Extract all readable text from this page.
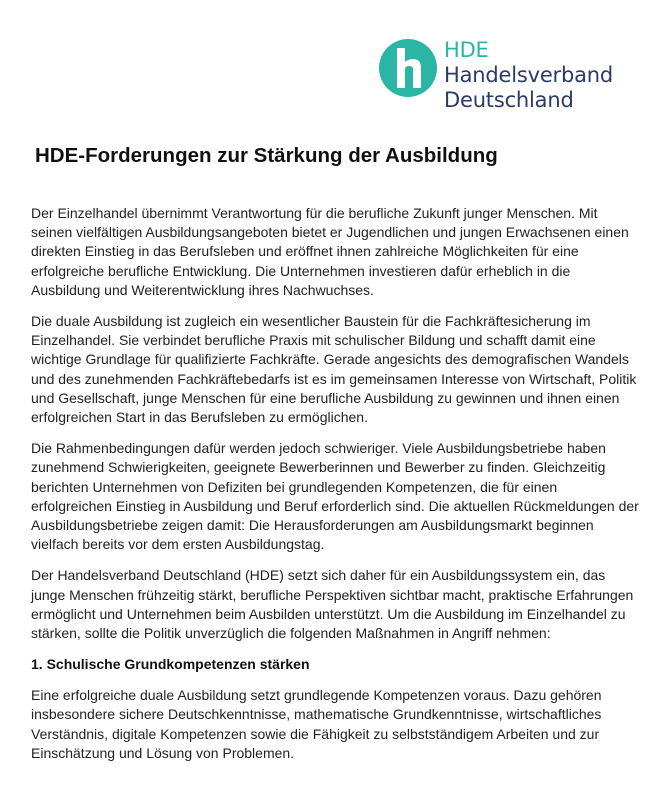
HDE
Handelsverband
Deutschland
HDE-Forderungen zur Stärkung der Ausbildung

Der Einzelhandel übernimmt Verantwortung für die berufliche Zukunft junger Menschen. Mit seinen vielfältigen Ausbildungsangeboten bietet er Jugendlichen und jungen Erwachsenen einen direkten Einstieg in das Berufsleben und eröffnet ihnen zahlreiche Möglichkeiten für eine erfolgreiche berufliche Entwicklung. Die Unternehmen investieren dafür erheblich in die Ausbildung und Weiterentwicklung ihres Nachwuchses.

Die duale Ausbildung ist zugleich ein wesentlicher Baustein für die Fachkräftesicherung im Einzelhandel. Sie verbindet berufliche Praxis mit schulischer Bildung und schafft damit eine wichtige Grundlage für qualifizierte Fachkräfte. Gerade angesichts des demografischen Wandels und des zunehmenden Fachkräftebedarfs ist es im gemeinsamen Interesse von Wirtschaft, Politik und Gesellschaft, junge Menschen für eine berufliche Ausbildung zu gewinnen und ihnen einen erfolgreichen Start in das Berufsleben zu ermöglichen.

Die Rahmenbedingungen dafür werden jedoch schwieriger. Viele Ausbildungsbetriebe haben zunehmend Schwierigkeiten, geeignete Bewerberinnen und Bewerber zu finden. Gleichzeitig berichten Unternehmen von Defiziten bei grundlegenden Kompetenzen, die für einen erfolgreichen Einstieg in Ausbildung und Beruf erforderlich sind. Die aktuellen Rückmeldungen der Ausbildungsbetriebe zeigen damit: Die Herausforderungen am Ausbildungsmarkt beginnen vielfach bereits vor dem ersten Ausbildungstag.

Der Handelsverband Deutschland (HDE) setzt sich daher für ein Ausbildungssystem ein, das junge Menschen frühzeitig stärkt, berufliche Perspektiven sichtbar macht, praktische Erfahrungen ermöglicht und Unternehmen beim Ausbilden unterstützt. Um die Ausbildung im Einzelhandel zu stärken, sollte die Politik unverzüglich die folgenden Maßnahmen in Angriff nehmen:

1. Schulische Grundkompetenzen stärken

Eine erfolgreiche duale Ausbildung setzt grundlegende Kompetenzen voraus. Dazu gehören insbesondere sichere Deutschkenntnisse, mathematische Grundkenntnisse, wirtschaftliches Verständnis, digitale Kompetenzen sowie die Fähigkeit zu selbstständigem Arbeiten und zur Einschätzung und Lösung von Problemen.
